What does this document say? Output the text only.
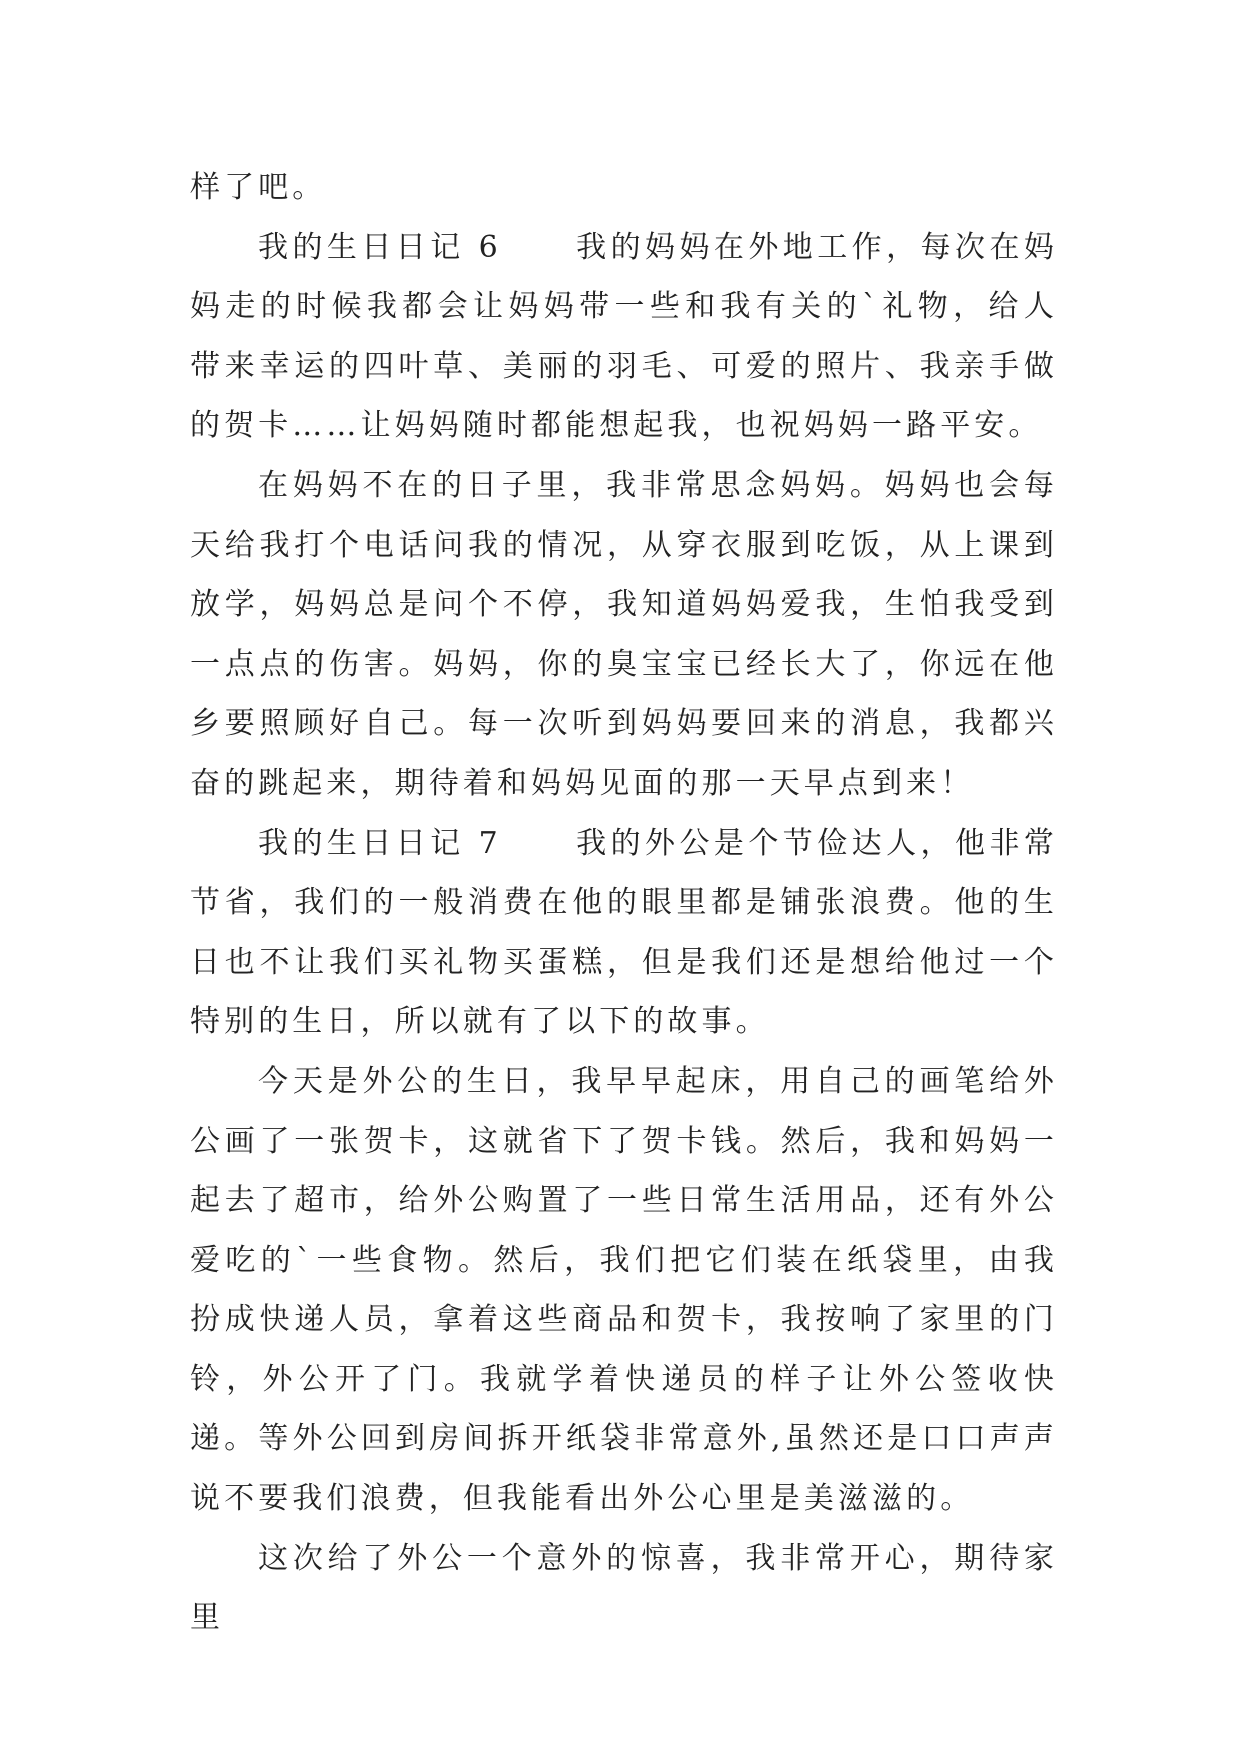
样了吧。

我的生日日记 6 我的妈妈在外地工作，每次在妈妈走的时候我都会让妈妈带一些和我有关的`礼物，给人带来幸运的四叶草、美丽的羽毛、可爱的照片、我亲手做的贺卡……让妈妈随时都能想起我，也祝妈妈一路平安。

在妈妈不在的日子里，我非常思念妈妈。妈妈也会每天给我打个电话问我的情况，从穿衣服到吃饭，从上课到放学，妈妈总是问个不停，我知道妈妈爱我，生怕我受到一点点的伤害。妈妈，你的臭宝宝已经长大了，你远在他乡要照顾好自己。每一次听到妈妈要回来的消息，我都兴奋的跳起来，期待着和妈妈见面的那一天早点到来！

我的生日日记 7 我的外公是个节俭达人，他非常节省，我们的一般消费在他的眼里都是铺张浪费。他的生日也不让我们买礼物买蛋糕，但是我们还是想给他过一个特别的生日，所以就有了以下的故事。

今天是外公的生日，我早早起床，用自己的画笔给外公画了一张贺卡，这就省下了贺卡钱。然后，我和妈妈一起去了超市，给外公购置了一些日常生活用品，还有外公爱吃的`一些食物。然后，我们把它们装在纸袋里，由我扮成快递人员，拿着这些商品和贺卡，我按响了家里的门铃，外公开了门。我就学着快递员的样子让外公签收快递。等外公回到房间拆开纸袋非常意外,虽然还是口口声声说不要我们浪费，但我能看出外公心里是美滋滋的。

这次给了外公一个意外的惊喜，我非常开心，期待家里
